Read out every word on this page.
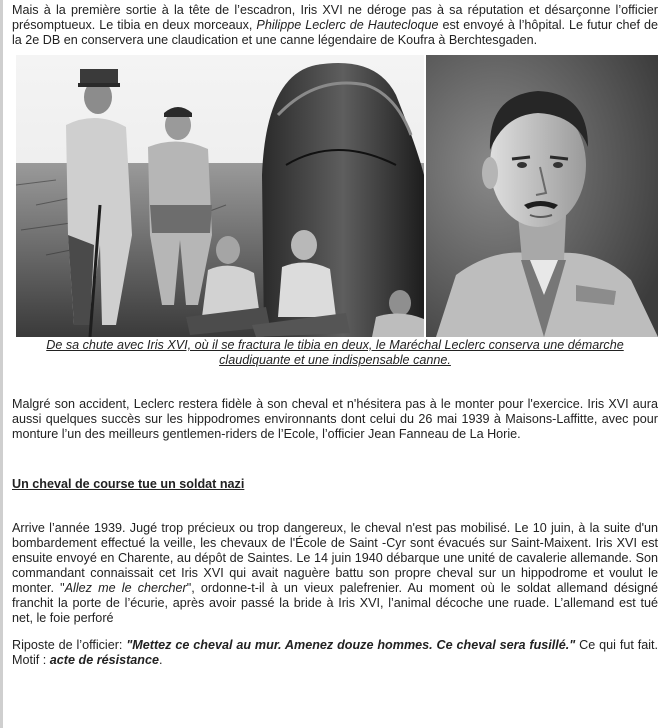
Mais à la première sortie à la tête de l’escadron, Iris XVI ne déroge pas à sa réputation et désarçonne l’officier présomptueux. Le tibia en deux morceaux, Philippe Leclerc de Hautecloque est envoyé à l’hôpital. Le futur chef de la 2e DB en conservera une claudication et une canne légendaire de Koufra à Berchtesgaden.

De sa chute avec Iris XVI, où il se fractura le tibia en deux, le Maréchal Leclerc conserva une démarche claudiquante et une indispensable canne.

Malgré son accident, Leclerc restera fidèle à son cheval et n'hésitera pas à le monter pour l'exercice. Iris XVI aura aussi quelques succès sur les hippodromes environnants dont celui du 26 mai 1939 à Maisons-Laffitte, avec pour monture l’un des meilleurs gentlemen-riders de l’Ecole, l’officier Jean Fanneau de La Horie.

Un cheval de course tue un soldat nazi

Arrive l’année 1939. Jugé trop précieux ou trop dangereux, le cheval n'est pas mobilisé. Le 10 juin, à la suite d'un bombardement effectué la veille, les chevaux de l'École de Saint -Cyr sont évacués sur Saint-Maixent. Iris XVI est ensuite envoyé en Charente, au dépôt de Saintes. Le 14 juin 1940 débarque une unité de cavalerie allemande. Son commandant connaissait cet Iris XVI qui avait naguère battu son propre cheval sur un hippodrome et voulut le monter. "Allez me le chercher", ordonne-t-il à un vieux palefrenier. Au moment où le soldat allemand désigné franchit la porte de l’écurie, après avoir passé la bride à Iris XVI, l’animal décoche une ruade. L’allemand est tué net, le foie perforé

Riposte de l’officier: "Mettez ce cheval au mur. Amenez douze hommes. Ce cheval sera fusillé." Ce qui fut fait. Motif : acte de résistance.
